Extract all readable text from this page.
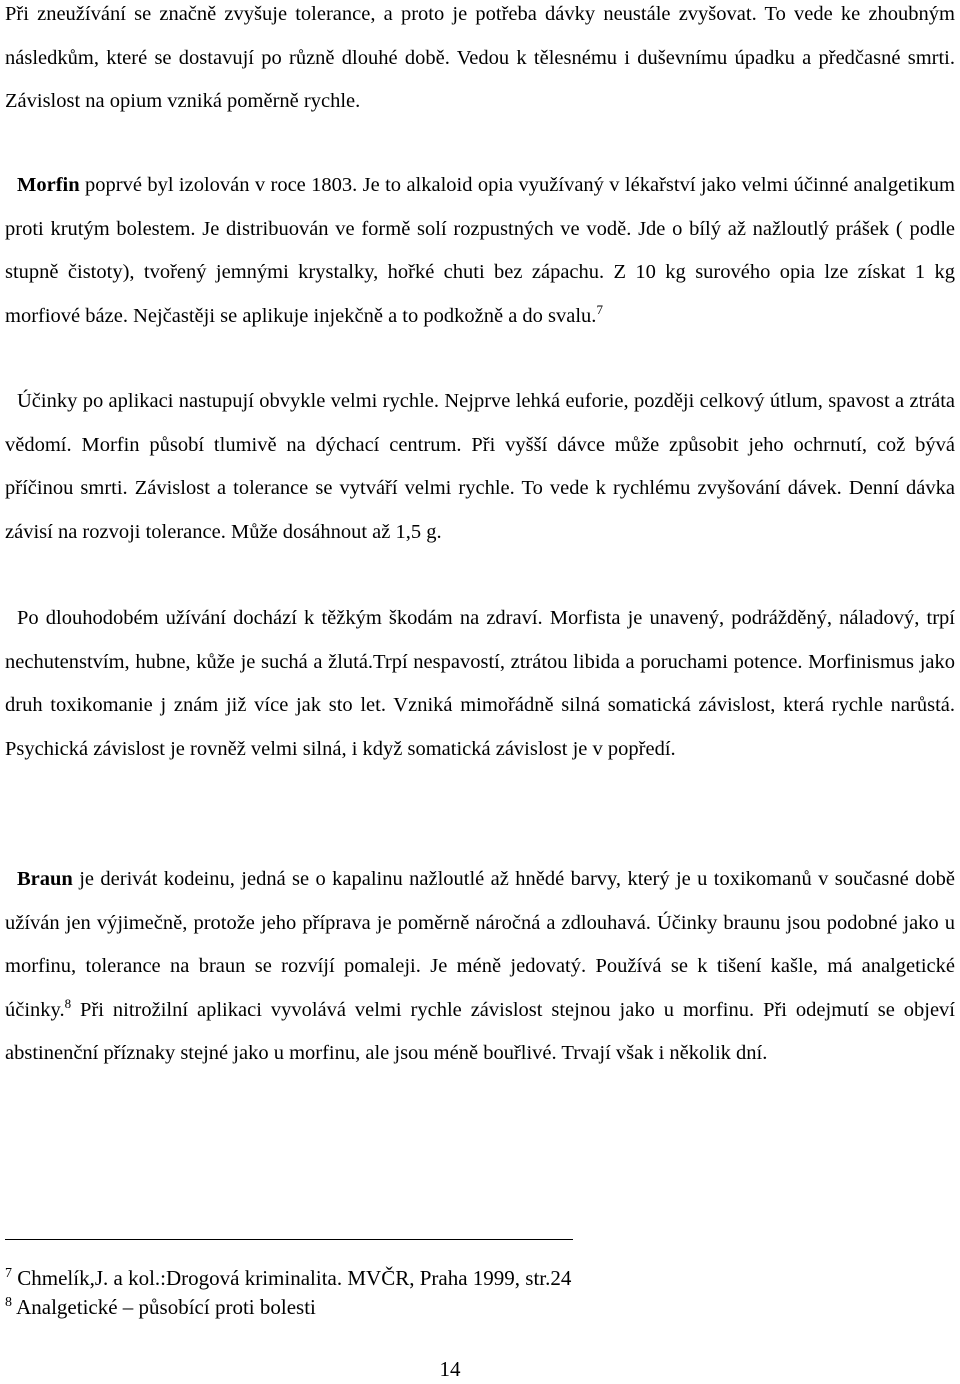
Při zneužívání se značně zvyšuje tolerance, a proto je potřeba dávky neustále zvyšovat. To vede ke zhoubným následkům, které se dostavují po různě dlouhé době. Vedou k tělesnému i duševnímu úpadku a předčasné smrti. Závislost na opium vzniká poměrně rychle.

Morfin poprvé byl izolován v roce 1803. Je to alkaloid opia využívaný v lékařství jako velmi účinné analgetikum proti krutým bolestem. Je distribuován ve formě solí rozpustných ve vodě. Jde o bílý až nažloutlý prášek ( podle stupně čistoty), tvořený jemnými krystalky, hořké chuti bez zápachu. Z 10 kg surového opia lze získat 1 kg morfiové báze. Nejčastěji se aplikuje injekčně a to podkožně a do svalu.$^7$

Účinky po aplikaci nastupují obvykle velmi rychle. Nejprve lehká euforie, později celkový útlum, spavost a ztráta vědomí. Morfin působí tlumivě na dýchací centrum. Při vyšší dávce může způsobit jeho ochrnutí, což bývá příčinou smrti. Závislost a tolerance se vytváří velmi rychle. To vede k rychlému zvyšování dávek. Denní dávka závisí na rozvoji tolerance. Může dosáhnout až 1,5 g.

Po dlouhodobém užívání dochází k těžkým škodám na zdraví. Morfista je unavený, podrážděný, náladový, trpí nechutenstvím, hubne, kůže je suchá a žlutá.Trpí nespavostí, ztrátou libida a poruchami potence. Morfinismus jako druh toxikomanie j znám již více jak sto let. Vzniká mimořádně silná somatická závislost, která rychle narůstá. Psychická závislost je rovněž velmi silná, i když somatická závislost je v popředí.

Braun je derivát kodeinu, jedná se o kapalinu nažloutlé až hnědé barvy, který je u toxikomanů v současné době užíván jen výjimečně, protože jeho příprava je poměrně náročná a zdlouhavá. Účinky braunu jsou podobné jako u morfinu, tolerance na braun se rozvíjí pomaleji. Je méně jedovatý. Používá se k tišení kašle, má analgetické účinky.$^8$ Při nitrožilní aplikaci vyvolává velmi rychle závislost stejnou jako u morfinu. Při odejmutí se objeví abstinenční příznaky stejné jako u morfinu, ale jsou méně bouřlivé. Trvají však i několik dní.

$^7$ Chmelík,J. a kol.:Drogová kriminalita. MVČR, Praha 1999, str.24

$^8$ Analgetické – působící proti bolesti

14
